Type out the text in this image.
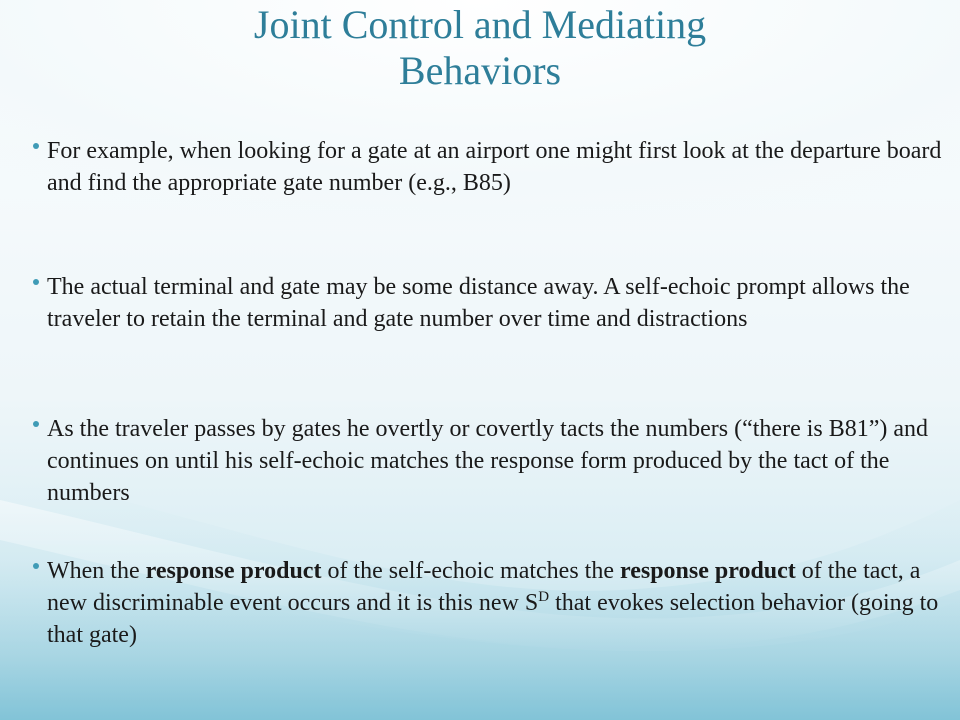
Joint Control and Mediating
Behaviors

For example, when looking for a gate at an airport one might first look at the departure board and find the appropriate gate number (e.g., B85)

The actual terminal and gate may be some distance away. A self-echoic prompt allows the traveler to retain the terminal and gate number over time and distractions

As the traveler passes by gates he overtly or covertly tacts the numbers (“there is B81”) and continues on until his self-echoic matches the response form produced by the tact of the numbers

When the response product of the self-echoic matches the response product of the tact, a new discriminable event occurs and it is this new $S^D$ that evokes selection behavior (going to that gate)
